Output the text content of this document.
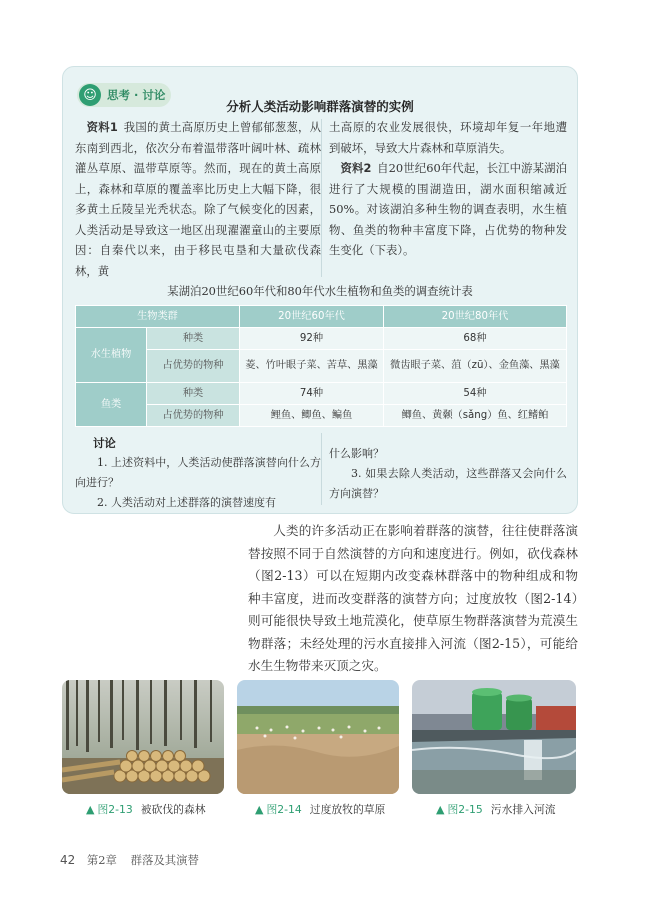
☺ 思考 · 讨论
分析人类活动影响群落演替的实例
　资料1  我国的黄土高原历史上曾郁郁葱葱，从东南到西北，依次分布着温带落叶阔叶林、疏林灌丛草原、温带草原等。然而，现在的黄土高原上，森林和草原的覆盖率比历史上大幅下降，很多黄土丘陵呈光秃状态。除了气候变化的因素，人类活动是导致这一地区出现濯濯童山的主要原因：自秦代以来，由于移民屯垦和大量砍伐森林，黄
土高原的农业发展很快，环境却年复一年地遭到破坏，导致大片森林和草原消失。
　资料2  自20世纪60年代起，长江中游某湖泊进行了大规模的围湖造田，湖水面积缩减近50%。对该湖泊多种生物的调查表明，水生植物、鱼类的物种丰富度下降，占优势的物种发生变化（下表）。
某湖泊20世纪60年代和80年代水生植物和鱼类的调查统计表
生物类群		20世纪60年代	20世纪80年代
水生植物	种类	92种	68种
	占优势的物种	菱、竹叶眼子菜、苦草、黑藻	微齿眼子菜、菹（zū）、金鱼藻、黑藻
鱼类	种类	74种	54种
	占优势的物种	鲤鱼、鲫鱼、鳊鱼	鲫鱼、黄颡（sǎng）鱼、红鳍鲌
讨论
1. 上述资料中，人类活动使群落演替向什么方向进行？
2. 人类活动对上述群落的演替速度有
什么影响？
3. 如果去除人类活动，这些群落又会向什么方向演替？
人类的许多活动正在影响着群落的演替，往往使群落演替按照不同于自然演替的方向和速度进行。例如，砍伐森林（图2-13）可以在短期内改变森林群落中的物种组成和物种丰富度，进而改变群落的演替方向；过度放牧（图2-14）则可能很快导致土地荒漠化，使草原生物群落演替为荒漠生物群落；未经处理的污水直接排入河流（图2-15），可能给水生生物带来灭顶之灾。
▲ 图2-13 被砍伐的森林	▲ 图2-14 过度放牧的草原	▲ 图2-15 污水排入河流
42 第2章 群落及其演替
